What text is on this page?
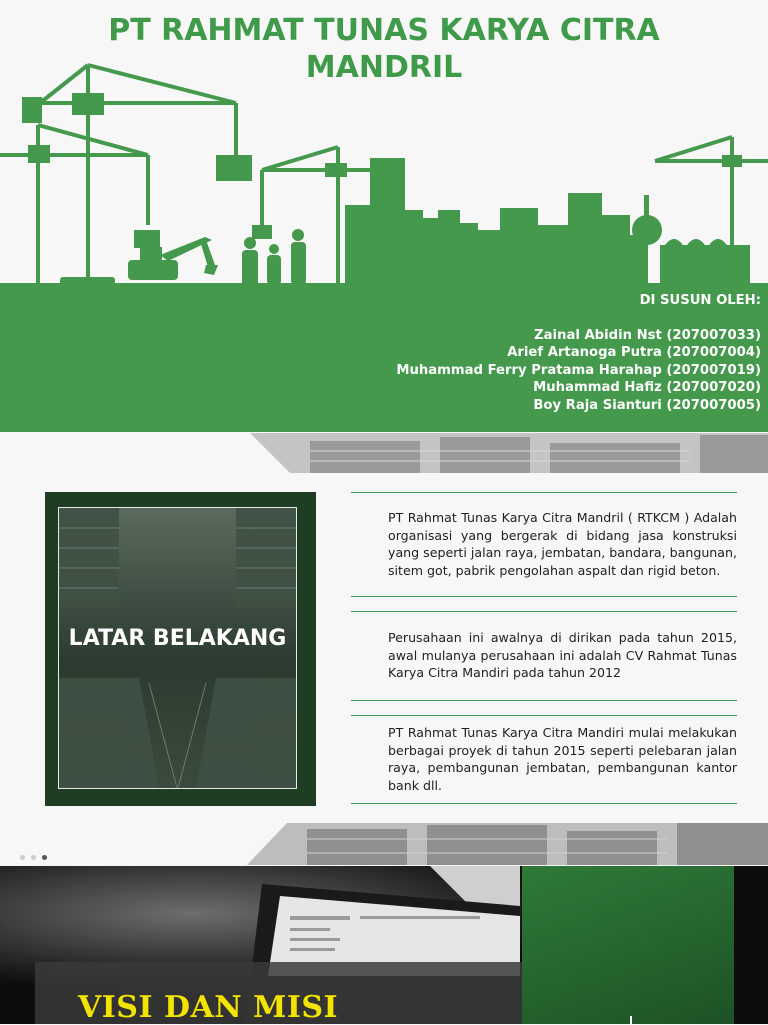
PT RAHMAT TUNAS KARYA CITRA
MANDRIL
DI SUSUN OLEH:
Zainal Abidin Nst (207007033)
Arief Artanoga Putra (207007004)
Muhammad Ferry Pratama Harahap (207007019)
Muhammad Hafiz (207007020)
Boy Raja Sianturi (207007005)
LATAR BELAKANG
PT Rahmat Tunas Karya Citra Mandril ( RTKCM ) Adalah organisasi yang bergerak di bidang jasa konstruksi yang seperti jalan raya, jembatan, bandara, bangunan, sitem got, pabrik pengolahan aspalt dan rigid beton.
Perusahaan ini awalnya di dirikan pada tahun 2015, awal mulanya perusahaan ini adalah CV Rahmat Tunas Karya Citra Mandiri pada tahun 2012
PT Rahmat Tunas Karya Citra Mandiri mulai melakukan berbagai proyek di tahun 2015 seperti pelebaran jalan raya, pembangunan jembatan, pembangunan kantor bank dll.
VISI DAN MISI
